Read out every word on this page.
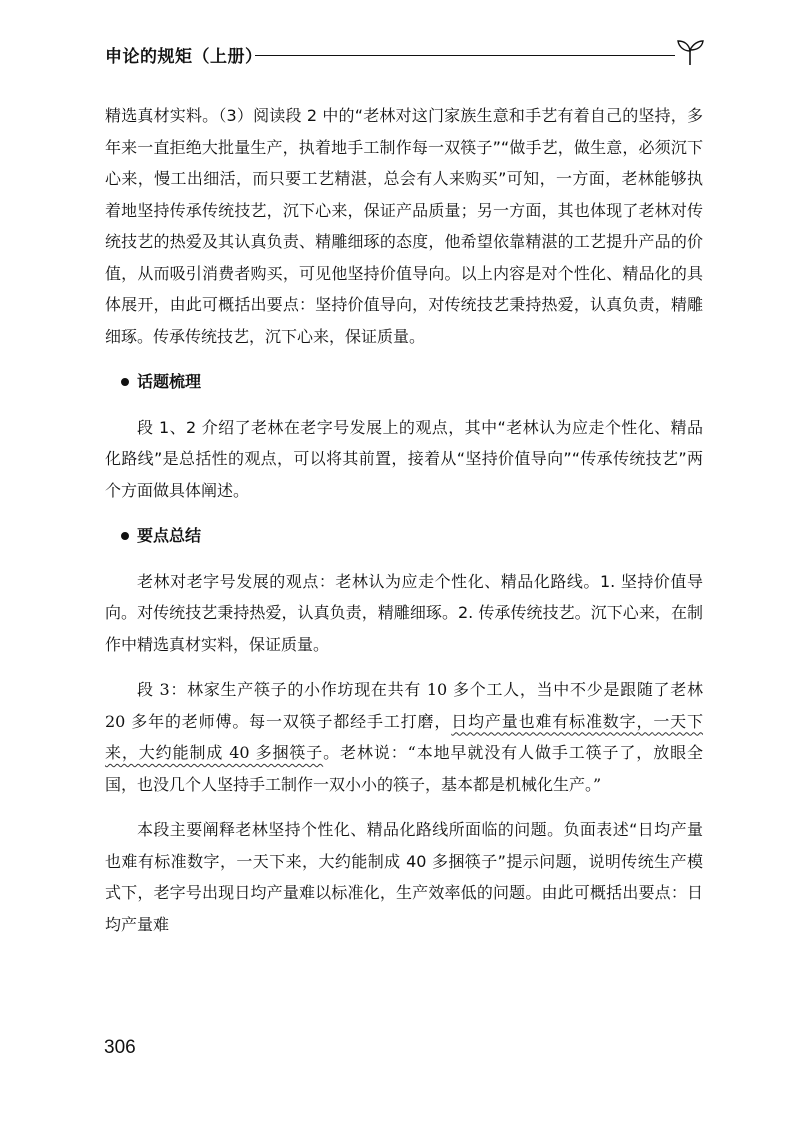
申论的规矩（上册）

精选真材实料。（3）阅读段 2 中的“老林对这门家族生意和手艺有着自己的坚持，多年来一直拒绝大批量生产，执着地手工制作每一双筷子”“做手艺，做生意，必须沉下心来，慢工出细活，而只要工艺精湛，总会有人来购买”可知，一方面，老林能够执着地坚持传承传统技艺，沉下心来，保证产品质量；另一方面，其也体现了老林对传统技艺的热爱及其认真负责、精雕细琢的态度，他希望依靠精湛的工艺提升产品的价值，从而吸引消费者购买，可见他坚持价值导向。以上内容是对个性化、精品化的具体展开，由此可概括出要点：坚持价值导向，对传统技艺秉持热爱，认真负责，精雕细琢。传承传统技艺，沉下心来，保证质量。

话题梳理

段 1、2 介绍了老林在老字号发展上的观点，其中“老林认为应走个性化、精品化路线”是总括性的观点，可以将其前置，接着从“坚持价值导向”“传承传统技艺”两个方面做具体阐述。

要点总结

老林对老字号发展的观点：老林认为应走个性化、精品化路线。1. 坚持价值导向。对传统技艺秉持热爱，认真负责，精雕细琢。2. 传承传统技艺。沉下心来，在制作中精选真材实料，保证质量。

段 3：林家生产筷子的小作坊现在共有 10 多个工人，当中不少是跟随了老林 20 多年的老师傅。每一双筷子都经手工打磨，日均产量也难有标准数字，一天下来，大约能制成 40 多捆筷子。老林说：“本地早就没有人做手工筷子了，放眼全国，也没几个人坚持手工制作一双小小的筷子，基本都是机械化生产。”

本段主要阐释老林坚持个性化、精品化路线所面临的问题。负面表述“日均产量也难有标准数字，一天下来，大约能制成 40 多捆筷子”提示问题，说明传统生产模式下，老字号出现日均产量难以标准化，生产效率低的问题。由此可概括出要点：日均产量难

306
